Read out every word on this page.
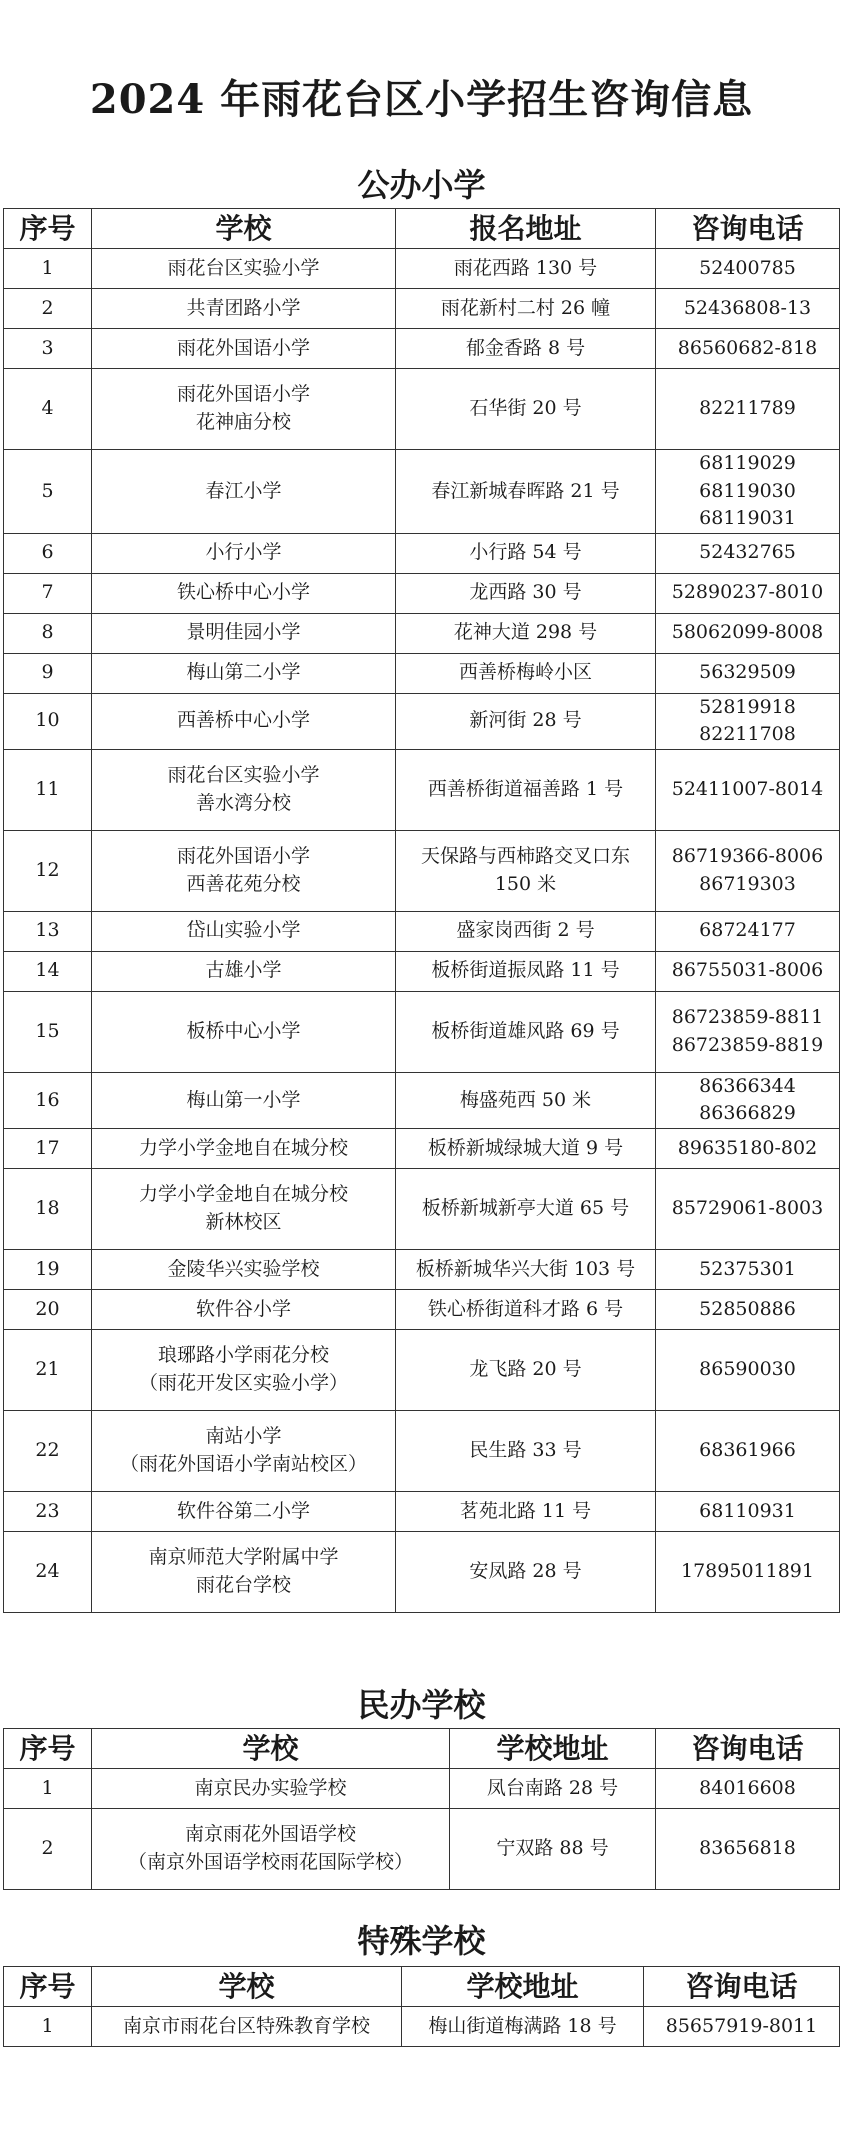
2024 年雨花台区小学招生咨询信息
公办小学
序号	学校	报名地址	咨询电话
1	雨花台区实验小学	雨花西路 130 号	52400785

2	共青团路小学	雨花新村二村 26 幢	52436808-13

3	雨花外国语小学	郁金香路 8 号	86560682-818

4	雨花外国语小学
花神庙分校	石华街 20 号	82211789

5	春江小学	春江新城春晖路 21 号	68119029
68119030
68119031

6	小行小学	小行路 54 号	52432765

7	铁心桥中心小学	龙西路 30 号	52890237-8010

8	景明佳园小学	花神大道 298 号	58062099-8008

9	梅山第二小学	西善桥梅岭小区	56329509

10	西善桥中心小学	新河街 28 号	52819918
82211708

11	雨花台区实验小学
善水湾分校	西善桥街道福善路 1 号	52411007-8014

12	雨花外国语小学
西善花苑分校	天保路与西柿路交叉口东
150 米	86719366-8006
86719303

13	岱山实验小学	盛家岗西街 2 号	68724177

14	古雄小学	板桥街道振凤路 11 号	86755031-8006

15	板桥中心小学	板桥街道雄风路 69 号	86723859-8811
86723859-8819

16	梅山第一小学	梅盛苑西 50 米	86366344
86366829

17	力学小学金地自在城分校	板桥新城绿城大道 9 号	89635180-802

18	力学小学金地自在城分校
新林校区	板桥新城新亭大道 65 号	85729061-8003

19	金陵华兴实验学校	板桥新城华兴大街 103 号	52375301

20	软件谷小学	铁心桥街道科才路 6 号	52850886

21	琅琊路小学雨花分校
（雨花开发区实验小学）	龙飞路 20 号	86590030

22	南站小学
（雨花外国语小学南站校区）	民生路 33 号	68361966

23	软件谷第二小学	茗苑北路 11 号	68110931

24	南京师范大学附属中学
雨花台学校	安凤路 28 号	17895011891
民办学校
序号	学校	学校地址	咨询电话
1	南京民办实验学校	凤台南路 28 号	84016608

2	南京雨花外国语学校
（南京外国语学校雨花国际学校）	宁双路 88 号	83656818
特殊学校
序号	学校	学校地址	咨询电话
1	南京市雨花台区特殊教育学校	梅山街道梅满路 18 号	85657919-8011
